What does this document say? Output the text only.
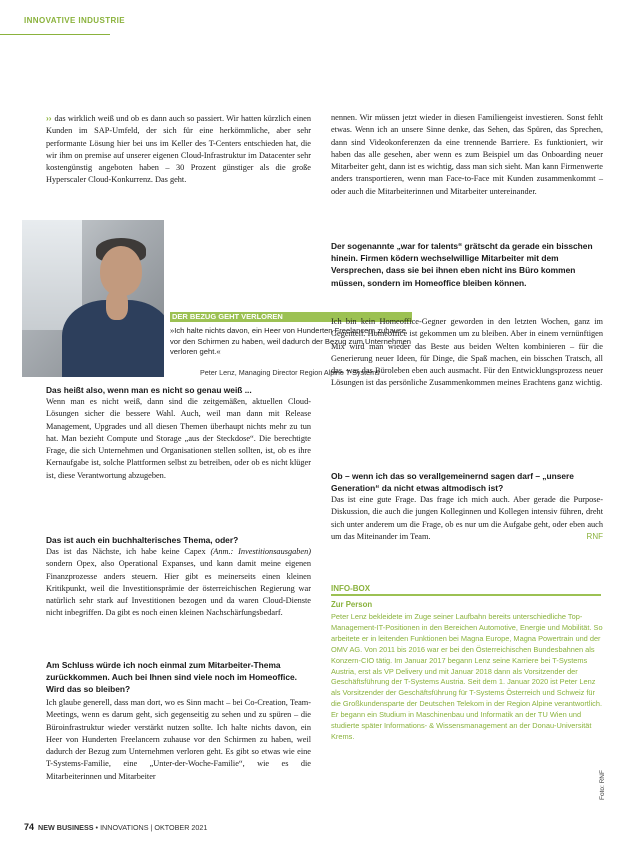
INNOVATIVE INDUSTRIE
›› das wirklich weiß und ob es dann auch so passiert. Wir hatten kürzlich einen Kunden im SAP-Umfeld, der sich für eine herkömmliche, aber sehr performante Lösung hier bei uns im Keller des T-Centers entschieden hat, die wir ihm on premise auf unserer eigenen Cloud-Infrastruktur im Datacenter sehr kostengünstig angeboten haben – 30 Prozent günstiger als die große Hyperscaler Cloud-Konkurrenz. Das geht.
DER BEZUG GEHT VERLOREN
»Ich halte nichts davon, ein Heer von Hunderten Freelancern zuhause vor den Schirmen zu haben, weil dadurch der Bezug zum Unternehmen verloren geht.«
Peter Lenz, Managing Director Region Alpine T-Systems
Das heißt also, wenn man es nicht so genau weiß ...
Wenn man es nicht weiß, dann sind die zeitgemäßen, aktuellen Cloud-Lösungen sicher die bessere Wahl. Auch, weil man dann mit Release Management, Upgrades und all diesen Themen überhaupt nichts mehr zu tun hat. Man bezieht Compute und Storage „aus der Steckdose“. Die berechtigte Frage, die sich Unternehmen und Organisationen stellen sollten, ist, ob es ihre Kernaufgabe ist, solche Plattformen selbst zu betreiben, oder ob es nicht klüger ist, diese Verantwortung abzugeben.
Das ist auch ein buchhalterisches Thema, oder?
Das ist das Nächste, ich habe keine Capex (Anm.: Investitionsausgaben) sondern Opex, also Operational Expanses, und kann damit meine eigenen Finanzprozesse anders steuern. Hier gibt es meinerseits einen kleinen Kritikpunkt, weil die Investitionsprämie der österreichischen Regierung war natürlich sehr stark auf Investitionen bezogen und da waren Cloud-Dienste nicht inbegriffen. Da gibt es noch einen kleinen Nachschärfungsbedarf.
Am Schluss würde ich noch einmal zum Mitarbeiter-Thema zurückkommen. Auch bei Ihnen sind viele noch im Homeoffice. Wird das so bleiben?
Ich glaube generell, dass man dort, wo es Sinn macht – bei Co-Creation, Team-Meetings, wenn es darum geht, sich gegenseitig zu sehen und zu spüren – die Büroinfrastruktur wieder verstärkt nutzen sollte. Ich halte nichts davon, ein Heer von Hunderten Freelancern zuhause vor den Schirmen zu haben, weil dadurch der Bezug zum Unternehmen verloren geht. Es gibt so etwas wie eine T-Systems-Familie, eine „Unter-der-Woche-Familie“, wie es die Mitarbeiterinnen und Mitarbeiter
nennen. Wir müssen jetzt wieder in diesen Familiengeist investieren. Sonst fehlt etwas. Wenn ich an unsere Sinne denke, das Sehen, das Spüren, das Sprechen, dann sind Videokonferenzen da eine trennende Barriere. Es funktioniert, wir haben das alle gesehen, aber wenn es zum Beispiel um das Onboarding neuer Mitarbeiter geht, dann ist es wichtig, dass man sich sieht. Man kann Firmenwerte anders transportieren, wenn man Face-to-Face mit Kunden zusammenkommt – oder auch die Mitarbeiterinnen und Mitarbeiter untereinander.
Der sogenannte „war for talents“ grätscht da gerade ein bisschen hinein. Firmen ködern wechselwillige Mitarbeiter mit dem Versprechen, dass sie bei ihnen eben nicht ins Büro kommen müssen, sondern im Homeoffice bleiben können.
Ich bin kein Homeoffice-Gegner geworden in den letzten Wochen, ganz im Gegenteil. Homeoffice ist gekommen um zu bleiben. Aber in einem vernünftigen Mix wird man wieder das Beste aus beiden Welten kombinieren – für die Generierung neuer Ideen, für Dinge, die Spaß machen, ein bisschen Tratsch, all das, was das Büroleben eben auch ausmacht. Für den Entwicklungsprozess neuer Lösungen ist das persönliche Zusammenkommen meines Erachtens ganz wichtig.
Ob – wenn ich das so verallgemeinernd sagen darf – „unsere Generation“ da nicht etwas altmodisch ist?
Das ist eine gute Frage. Das frage ich mich auch. Aber gerade die Purpose-Diskussion, die auch die jungen Kolleginnen und Kollegen intensiv führen, dreht sich unter anderem um die Frage, ob es nur um die Aufgabe geht, oder eben auch um das Miteinander im Team.	RNF
INFO-BOX
Zur Person
Peter Lenz bekleidete im Zuge seiner Laufbahn bereits unterschiedliche Top-Management-IT-Positionen in den Bereichen Automotive, Energie und Mobilität. So arbeitete er in leitenden Funktionen bei Magna Europe, Magna Powertrain und der OMV AG. Von 2011 bis 2016 war er bei den Österreichischen Bundesbahnen als Konzern-CIO tätig. Im Januar 2017 begann Lenz seine Karriere bei T-Systems Austria, erst als VP Delivery und mit Januar 2018 dann als Vorsitzender der Geschäftsführung der T-Systems Austria. Seit dem 1. Januar 2020 ist Peter Lenz als Vorsitzender der Geschäftsführung für T-Systems Österreich und Schweiz für die Großkundensparte der Deutschen Telekom in der Region Alpine verantwortlich. Er begann ein Studium in Maschinenbau und Informatik an der TU Wien und studierte später Informations- & Wissensmanagement an der Donau-Universität Krems.
Foto: RNF
74 NEW BUSINESS • INNOVATIONS | OKTOBER 2021
